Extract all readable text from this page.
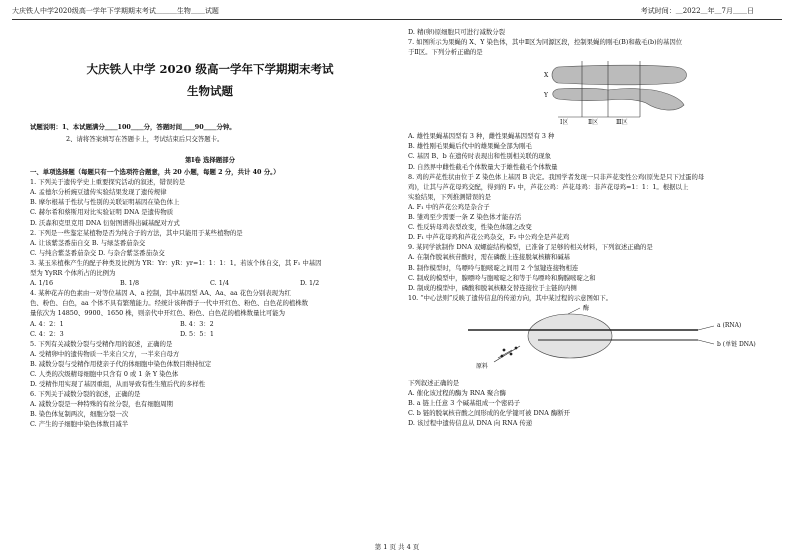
大庆铁人中学2020级高一学年下学期期末考试＿＿＿生物＿＿试题	考试时间：＿2022＿年＿7月＿＿日
大庆铁人中学 2020 级高一学年下学期期末考试
生物试题
试题说明：1、本试题满分＿＿100＿＿分，答题时间＿＿90＿＿分钟。
2、请将答案填写在答题卡上，考试结束后只交答题卡。
第Ⅰ卷 选择题部分
一、单项选择题（每题只有一个选项符合题意，共 20 小题，每题 2 分，共计 40 分。）
1. 下列关于遗传学史上重要探究活动的叙述，错误的是
A. 孟德尔分析豌豆遗传实验结果发现了遗传规律
B. 摩尔根基于性状与性别的关联证明基因在染色体上
C. 赫尔希和蔡斯用对比实验证明 DNA 是遗传物质
D. 沃森和克里克用 DNA 衍射图谱得出碱基配对方式
2. 下列是一些鉴定某植物是否为纯合子的方法，其中只能用于某些植物的是
A. 让该紫茎番茄自交 B. 与绿茎番茄杂交
C. 与纯合紫茎番茄杂交 D. 与杂合紫茎番茄杂交
3. 某玉米植株产生的配子种类及比例为 YR：Yr：yR：yr=1：1：1：1。若该个体自交，其 F₁ 中基因
型为 YyRR 个体所占的比例为
A. 1/16	B. 1/8	C. 1/4	D. 1/2
4. 某种花卉的色素由一对等位基因 A、a 控制，其中基因型 AA、Aa、aa 花色分别表现为红
色、粉色、白色，aa 个体不具有繁殖能力。经统计该种群子一代中开红色、粉色、白色花的植株数
量依次为 14850、9900、1650 株，则亲代中开红色、粉色、白色花的植株数量比可能为
A. 4：2：1	B. 4：3：2
C. 4：2：3	D. 5：5：1
5. 下列有关减数分裂与受精作用的叙述，正确的是
A. 受精卵中的遗传物质一半来自父方，一半来自母方
B. 减数分裂与受精作用使亲子代的体细胞中染色体数目维持恒定
C. 人类的次级精母细胞中只含有 0 或 1 条 Y 染色体
D. 受精作用实现了基因重组，从而导致有性生殖后代的多样性
6. 下列关于减数分裂的叙述，正确的是
A. 减数分裂是一种特殊的有丝分裂，也有细胞周期
B. 染色体复制两次，细胞分裂一次
C. 产生的子细胞中染色体数目减半
D. 精(卵)原细胞只可进行减数分裂
7. 如图所示为果蝇的 X、Y 染色体，其中Ⅱ区为同源区段，控制果蝇的刚毛(B)和截毛(b)的基因位
于Ⅱ区。下列分析正确的是
X
Y
Ⅰ区	Ⅱ区	Ⅲ区
A. 雄性果蝇基因型有 3 种，雌性果蝇基因型有 3 种
B. 雄性刚毛果蝇后代中的雄果蝇全部为刚毛
C. 基因 B、b 在遗传时表现出和性别相关联的现象
D. 自然界中雌性截毛个体数量大于雄性截毛个体数量
8. 鸡的芦花性状由位于 Z 染色体上基因 B 决定。我国学者发现一只非芦花变性公鸡(原先是只下过蛋的母
鸡)，让其与芦花母鸡交配，得到的 F₁ 中，芦花公鸡：芦花母鸡：非芦花母鸡=1：1：1。根据以上
实验结果，下列推测错误的是
A. F₁ 中的芦花公鸡是杂合子
B. 雏鸡至少需要一条 Z 染色体才能存活
C. 性反转母鸡表型改变，性染色体随之改变
D. F₁ 中芦花母鸡和芦花公鸡杂交，F₂ 中公鸡全是芦花鸡
9. 某同学欲制作 DNA 双螺旋结构模型，已准备了足够的相关材料，下列叙述正确的是
A. 在制作脱氧核苷酸时，需在磷酸上连接脱氧核糖和碱基
B. 制作模型时，鸟嘌呤与胞嘧啶之间用 2 个氢键连接物相连
C. 制成的模型中，腺嘌呤与胞嘧啶之和等于鸟嘌呤和胸腺嘧啶之和
D. 制成的模型中，磷酸和脱氧核糖交替连接位于主链的内侧
10. “中心法则”反映了遗传信息的传递方向，其中某过程的示意图如下。
酶
a (RNA)
b (单链 DNA)
原料
下列叙述正确的是
A. 催化该过程的酶为 RNA 聚合酶
B. a 链上任意 3 个碱基组成一个密码子
C. b 链的脱氧核苷酸之间形成的化学键可被 DNA 酶断开
D. 该过程中遗传信息从 DNA 向 RNA 传递
第 1 页 共 4 页
